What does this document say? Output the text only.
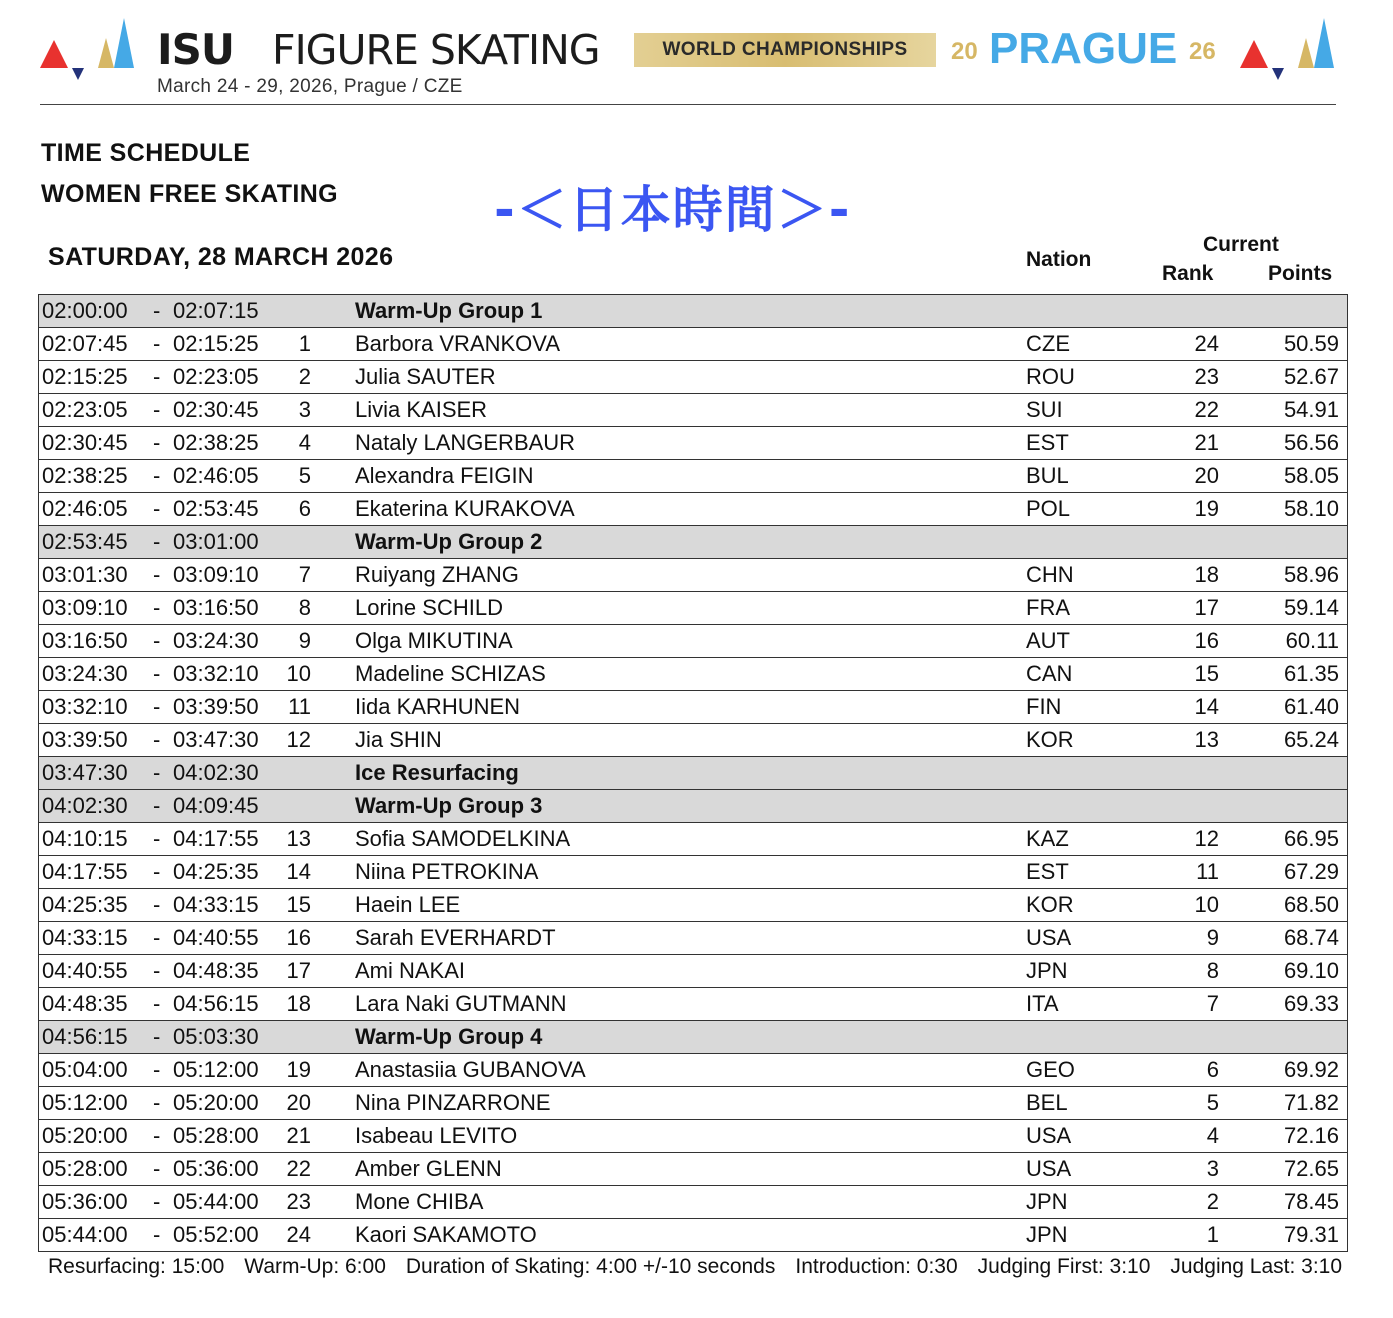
ISU FIGURE SKATING
March 24 - 29, 2026, Prague / CZE
WORLD CHAMPIONSHIPS	20 PRAGUE 26
TIME SCHEDULE
WOMEN FREE SKATING	-＜日本時間＞-
SATURDAY, 28 MARCH 2026	Nation
Current
Rank	Points
02:00:00 - 02:07:15	Warm-Up Group 1
02:07:45 - 02:15:25	1 Barbora VRANKOVA	CZE	24	50.59
02:15:25 - 02:23:05	2 Julia SAUTER	ROU	23	52.67
02:23:05 - 02:30:45	3 Livia KAISER	SUI	22	54.91
02:30:45 - 02:38:25	4 Nataly LANGERBAUR	EST	21	56.56
02:38:25 - 02:46:05	5 Alexandra FEIGIN	BUL	20	58.05
02:46:05 - 02:53:45	6 Ekaterina KURAKOVA	POL	19	58.10
02:53:45 - 03:01:00	Warm-Up Group 2
03:01:30 - 03:09:10	7 Ruiyang ZHANG	CHN	18	58.96
03:09:10 - 03:16:50	8 Lorine SCHILD	FRA	17	59.14
03:16:50 - 03:24:30	9 Olga MIKUTINA	AUT	16	60.11
03:24:30 - 03:32:10 10 Madeline SCHIZAS	CAN	15	61.35
03:32:10 - 03:39:50 11 Iida KARHUNEN	FIN	14	61.40
03:39:50 - 03:47:30 12 Jia SHIN	KOR	13	65.24
03:47:30 - 04:02:30	Ice Resurfacing
04:02:30 - 04:09:45	Warm-Up Group 3
04:10:15 - 04:17:55 13 Sofia SAMODELKINA	KAZ	12	66.95
04:17:55 - 04:25:35 14 Niina PETROKINA	EST	11	67.29
04:25:35 - 04:33:15 15 Haein LEE	KOR	10	68.50
04:33:15 - 04:40:55 16 Sarah EVERHARDT	USA	9	68.74
04:40:55 - 04:48:35 17 Ami NAKAI	JPN	8	69.10
04:48:35 - 04:56:15 18 Lara Naki GUTMANN	ITA	7	69.33
04:56:15 - 05:03:30	Warm-Up Group 4
05:04:00 - 05:12:00 19 Anastasiia GUBANOVA	GEO	6	69.92
05:12:00 - 05:20:00 20 Nina PINZARRONE	BEL	5	71.82
05:20:00 - 05:28:00 21 Isabeau LEVITO	USA	4	72.16
05:28:00 - 05:36:00 22 Amber GLENN	USA	3	72.65
05:36:00 - 05:44:00 23 Mone CHIBA	JPN	2	78.45
05:44:00 - 05:52:00 24 Kaori SAKAMOTO	JPN	1	79.31
Resurfacing: 15:00 Warm-Up: 6:00 Duration of Skating: 4:00 +/-10 seconds Introduction: 0:30 Judging First: 3:10 Judging Last: 3:10
